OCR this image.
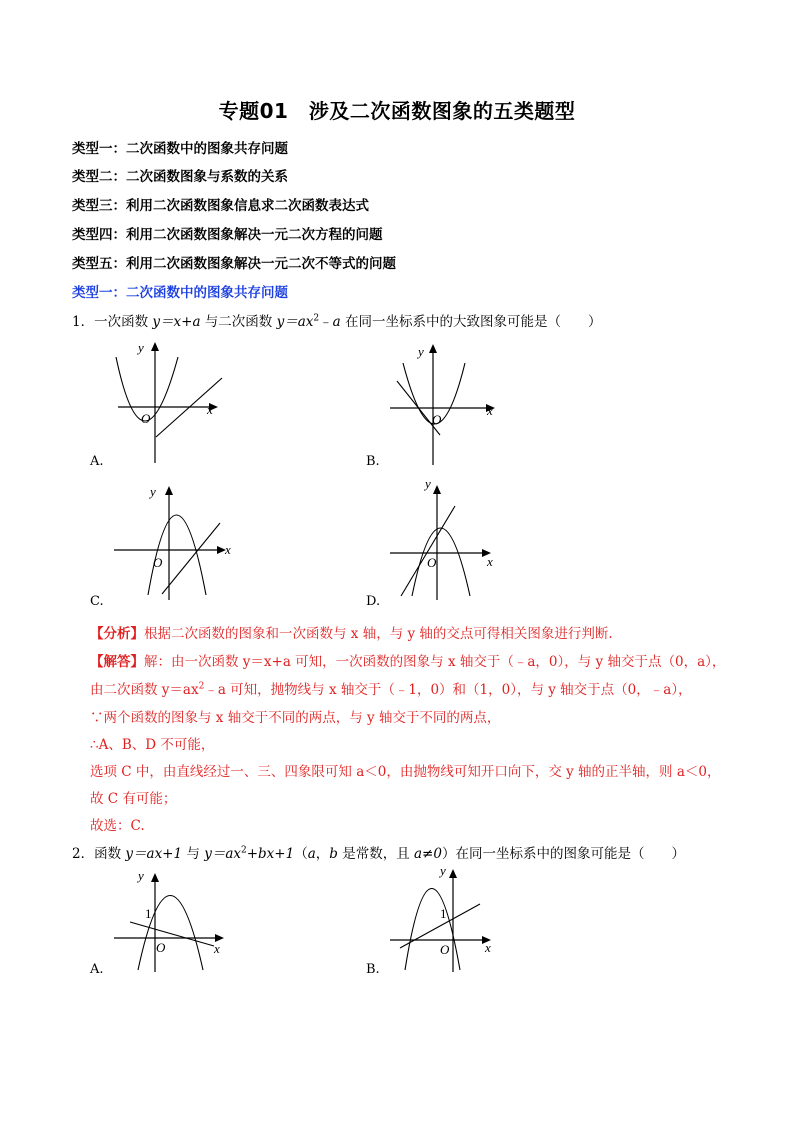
专题01　涉及二次函数图象的五类题型
类型一：二次函数中的图象共存问题
类型二：二次函数图象与系数的关系
类型三：利用二次函数图象信息求二次函数表达式
类型四：利用二次函数图象解决一元二次方程的问题
类型五：利用二次函数图象解决一元二次不等式的问题
类型一：二次函数中的图象共存问题
1．一次函数 y＝x+a 与二次函数 $y=ax^2﹣a$ 在同一坐标系中的大致图象可能是（　　）
x
y
O
A.
x
y
O
B.
x
y
O
C.
x
y
O
D.
【分析】根据二次函数的图象和一次函数与 x 轴，与 y 轴的交点可得相关图象进行判断.
【解答】解：由一次函数 y＝x+a 可知，一次函数的图象与 x 轴交于（﹣a，0），与 y 轴交于点（0，a），
由二次函数 $y=ax^2﹣a$ 可知，抛物线与 x 轴交于（﹣1，0）和（1，0），与 y 轴交于点（0，﹣a），
∵两个函数的图象与 x 轴交于不同的两点，与 y 轴交于不同的两点，
∴A、B、D 不可能，
选项 C 中，由直线经过一、三、四象限可知 a＜0，由抛物线可知开口向下，交 y 轴的正半轴，则 a＜0，
故 C 有可能；
故选：C.
2．函数 y＝ax+1 与 $y=ax^2+bx+1(a$，b 是常数，且 a≠0）在同一坐标系中的图象可能是（　　）
x
y
1
O
A.
x
y
1
O
B.
